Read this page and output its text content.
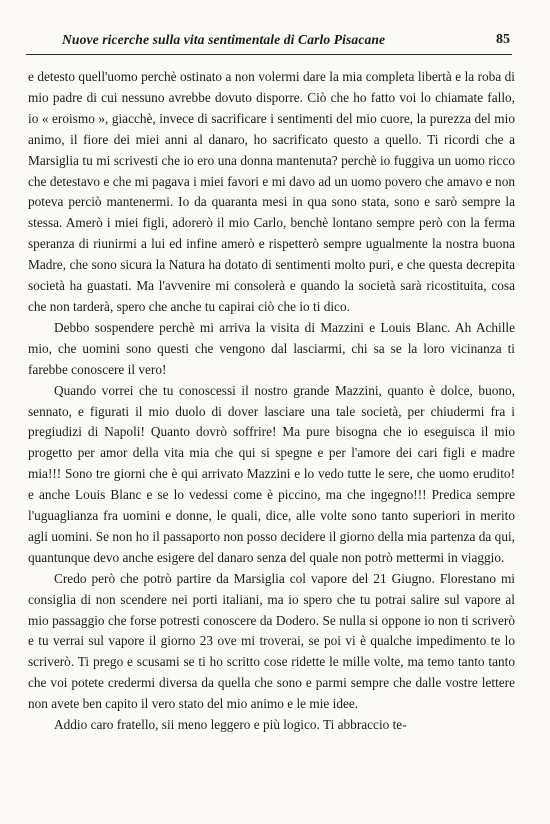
Nuove ricerche sulla vita sentimentale di Carlo Pisacane	85

e detesto quell'uomo perchè ostinato a non volermi dare la mia completa libertà e la roba di mio padre di cui nessuno avrebbe dovuto disporre. Ciò che ho fatto voi lo chiamate fallo, io « eroismo », giacchè, invece di sacrificare i sentimenti del mio cuore, la purezza del mio animo, il fiore dei miei anni al danaro, ho sacrificato questo a quello. Ti ricordi che a Marsiglia tu mi scrivesti che io ero una donna mantenuta? perchè io fuggiva un uomo ricco che detestavo e che mi pagava i miei favori e mi davo ad un uomo povero che amavo e non poteva perciò mantenermi. Io da quaranta mesi in qua sono stata, sono e sarò sempre la stessa. Amerò i miei figli, adorerò il mio Carlo, benchè lontano sempre però con la ferma speranza di riunirmi a lui ed infine amerò e rispetterò sempre ugualmente la nostra buona Madre, che sono sicura la Natura ha dotato di sentimenti molto puri, e che questa decrepita società ha guastati. Ma l'avvenire mi consolerà e quando la società sarà ricostituita, cosa che non tarderà, spero che anche tu capirai ciò che io ti dico.

Debbo sospendere perchè mi arriva la visita di Mazzini e Louis Blanc. Ah Achille mio, che uomini sono questi che vengono dal lasciarmi, chi sa se la loro vicinanza ti farebbe conoscere il vero!

Quando vorrei che tu conoscessi il nostro grande Mazzini, quanto è dolce, buono, sennato, e figurati il mio duolo di dover lasciare una tale società, per chiudermi fra i pregiudizi di Napoli! Quanto dovrò soffrire! Ma pure bisogna che io eseguisca il mio progetto per amor della vita mia che qui si spegne e per l'amore dei cari figli e madre mia!!! Sono tre giorni che è qui arrivato Mazzini e lo vedo tutte le sere, che uomo erudito! e anche Louis Blanc e se lo vedessi come è piccino, ma che ingegno!!! Predica sempre l'uguaglianza fra uomini e donne, le quali, dice, alle volte sono tanto superiori in merito agli uomini. Se non ho il passaporto non posso decidere il giorno della mia partenza da qui, quantunque devo anche esigere del danaro senza del quale non potrò mettermi in viaggio.

Credo però che potrò partire da Marsiglia col vapore del 21 Giugno. Florestano mi consiglia di non scendere nei porti italiani, ma io spero che tu potrai salire sul vapore al mio passaggio che forse potresti conoscere da Dodero. Se nulla si oppone io non ti scriverò e tu verrai sul vapore il giorno 23 ove mi troverai, se poi vi è qualche impedimento te lo scriverò. Ti prego e scusami se ti ho scritto cose ridette le mille volte, ma temo tanto tanto che voi potete credermi diversa da quella che sono e parmi sempre che dalle vostre lettere non avete ben capito il vero stato del mio animo e le mie idee.

Addio caro fratello, sii meno leggero e più logico. Ti abbraccio te-
